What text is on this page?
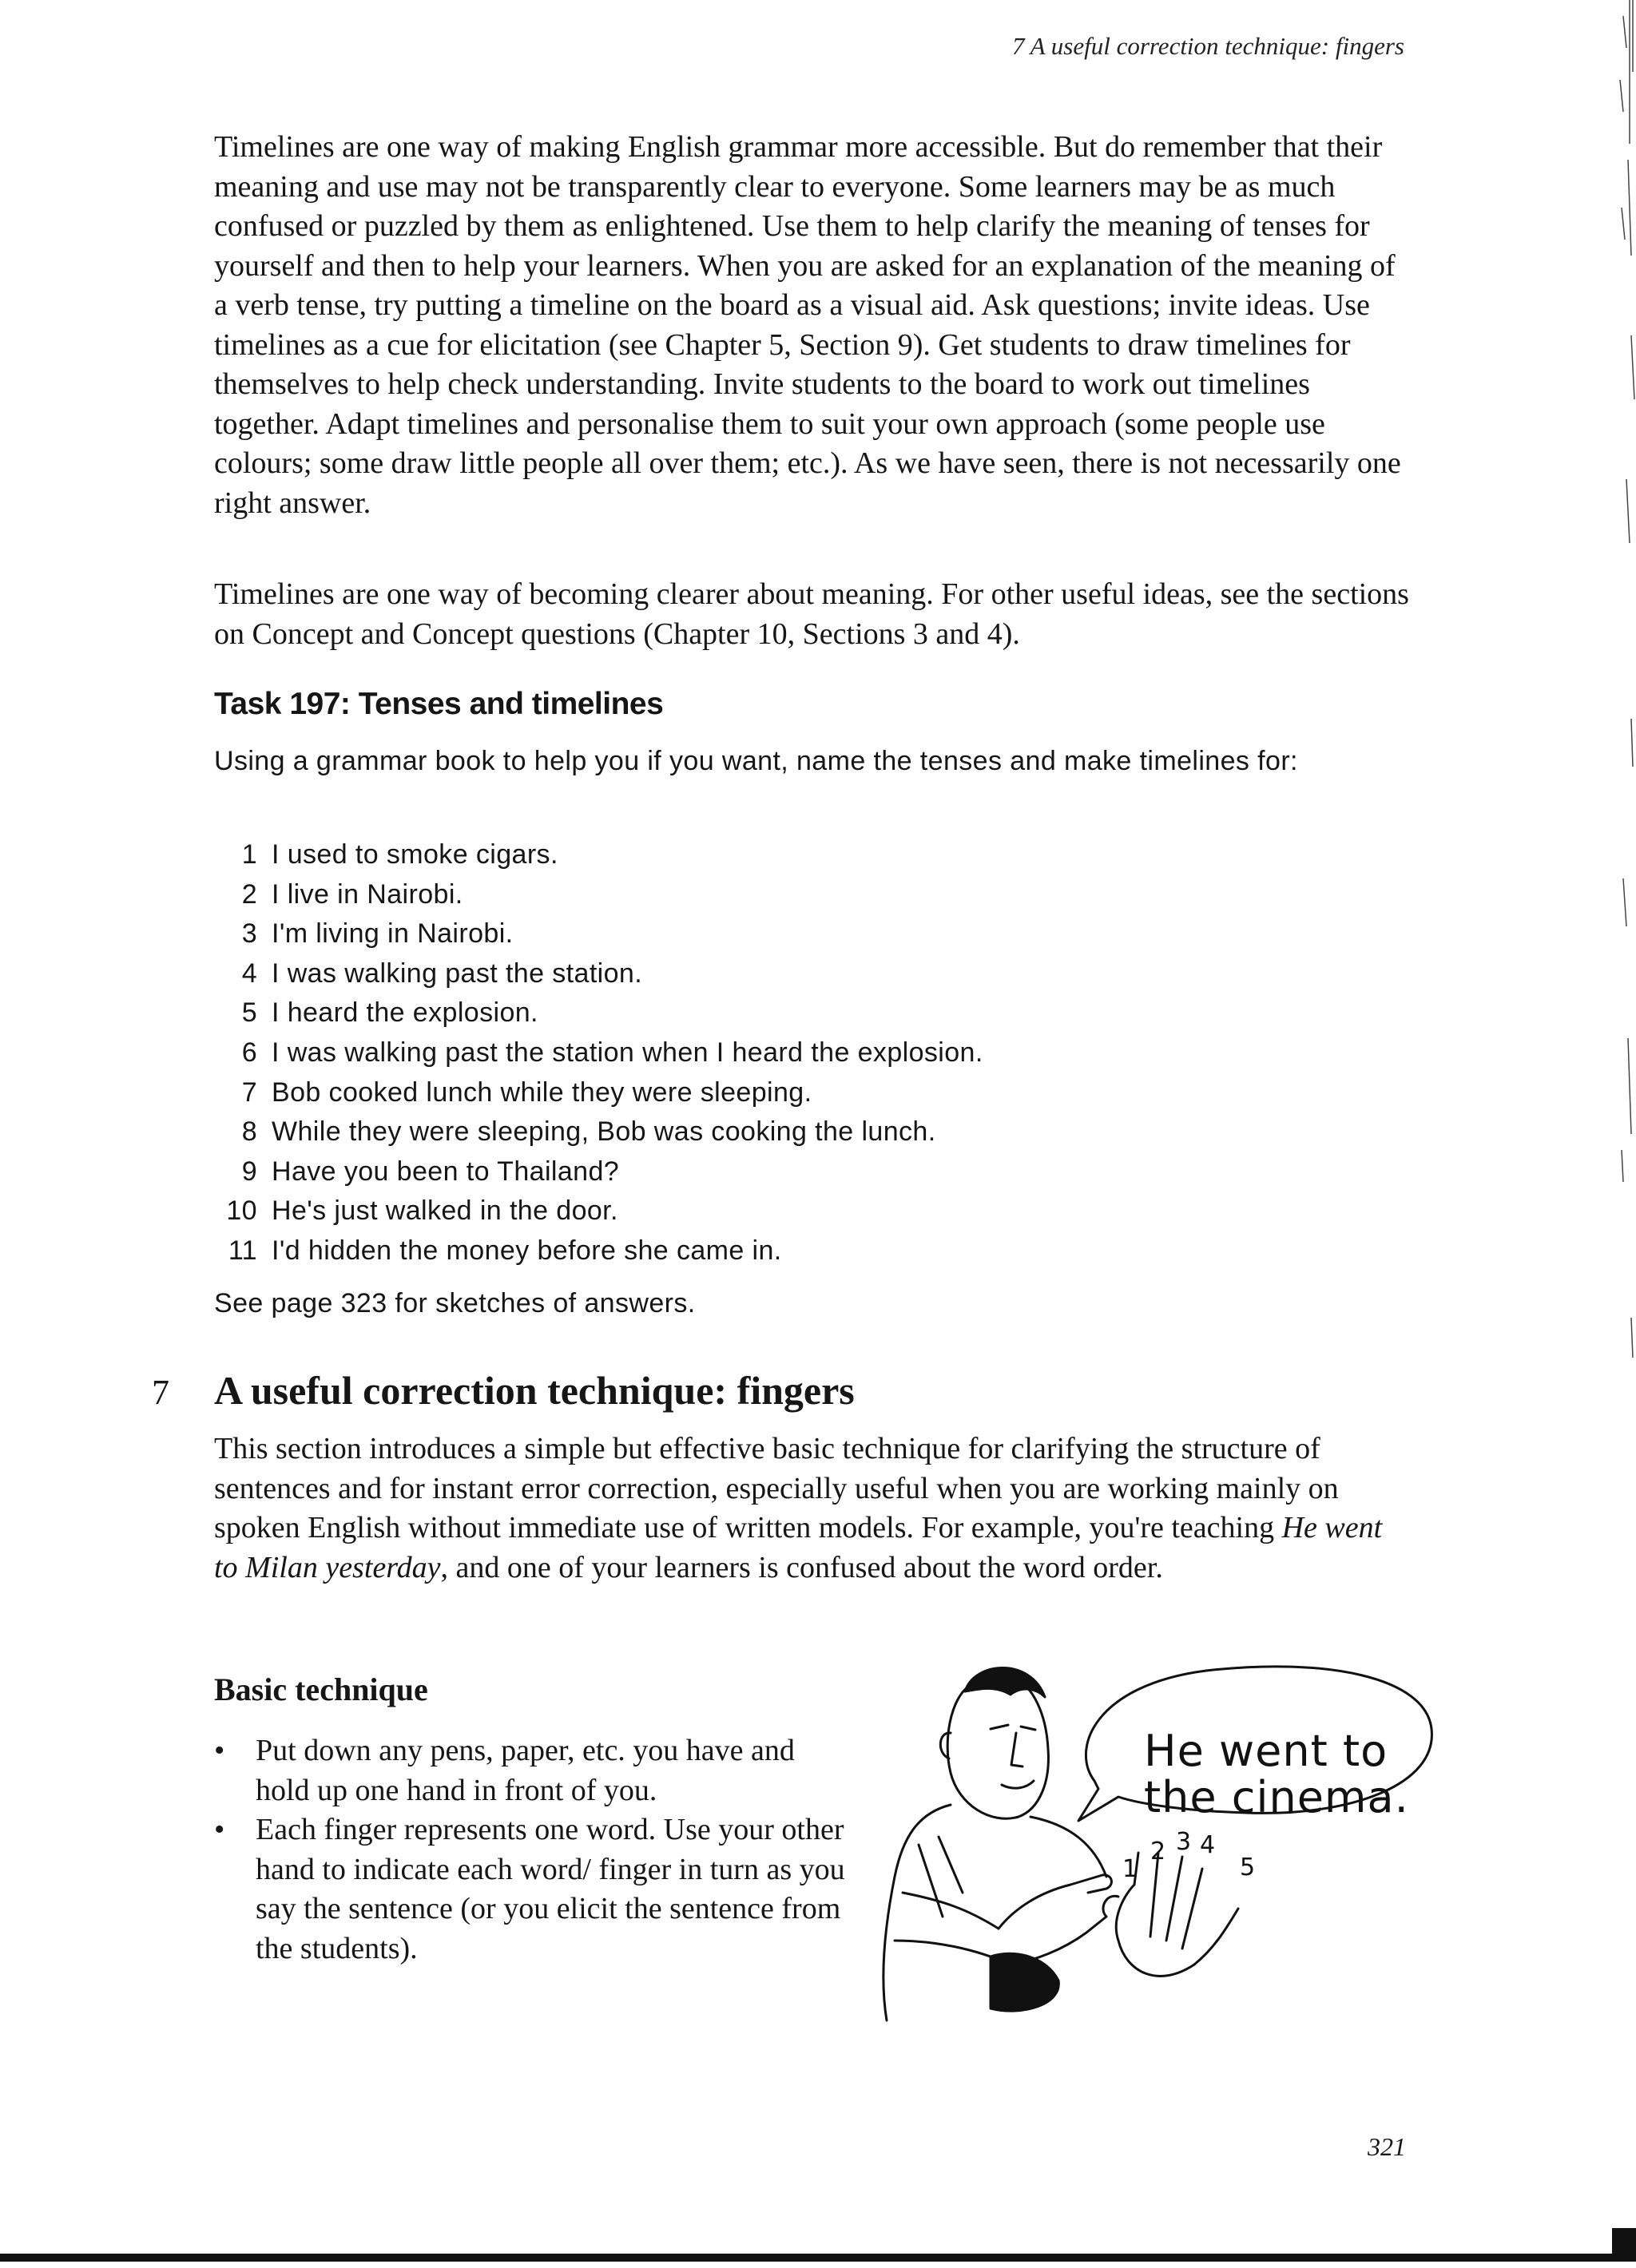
7 A useful correction technique: fingers

Timelines are one way of making English grammar more accessible. But do remember that their meaning and use may not be transparently clear to everyone. Some learners may be as much confused or puzzled by them as enlightened. Use them to help clarify the meaning of tenses for yourself and then to help your learners. When you are asked for an explanation of the meaning of a verb tense, try putting a timeline on the board as a visual aid. Ask questions; invite ideas. Use timelines as a cue for elicitation (see Chapter 5, Section 9). Get students to draw timelines for themselves to help check understanding. Invite students to the board to work out timelines together. Adapt timelines and personalise them to suit your own approach (some people use colours; some draw little people all over them; etc.). As we have seen, there is not necessarily one right answer.

Timelines are one way of becoming clearer about meaning. For other useful ideas, see the sections on Concept and Concept questions (Chapter 10, Sections 3 and 4).

Task 197: Tenses and timelines

Using a grammar book to help you if you want, name the tenses and make timelines for:

1 I used to smoke cigars.
2 I live in Nairobi.
3 I'm living in Nairobi.
4 I was walking past the station.
5 I heard the explosion.
6 I was walking past the station when I heard the explosion.
7 Bob cooked lunch while they were sleeping.
8 While they were sleeping, Bob was cooking the lunch.
9 Have you been to Thailand?
10 He's just walked in the door.
11 I'd hidden the money before she came in.

See page 323 for sketches of answers.

7 A useful correction technique: fingers

This section introduces a simple but effective basic technique for clarifying the structure of sentences and for instant error correction, especially useful when you are working mainly on spoken English without immediate use of written models. For example, you're teaching He went to Milan yesterday, and one of your learners is confused about the word order.

Basic technique
• Put down any pens, paper, etc. you have and hold up one hand in front of you.
• Each finger represents one word. Use your other hand to indicate each word/ finger in turn as you say the sentence (or you elicit the sentence from the students).
1
2 3 4
5
He went to
the cinema.
321
